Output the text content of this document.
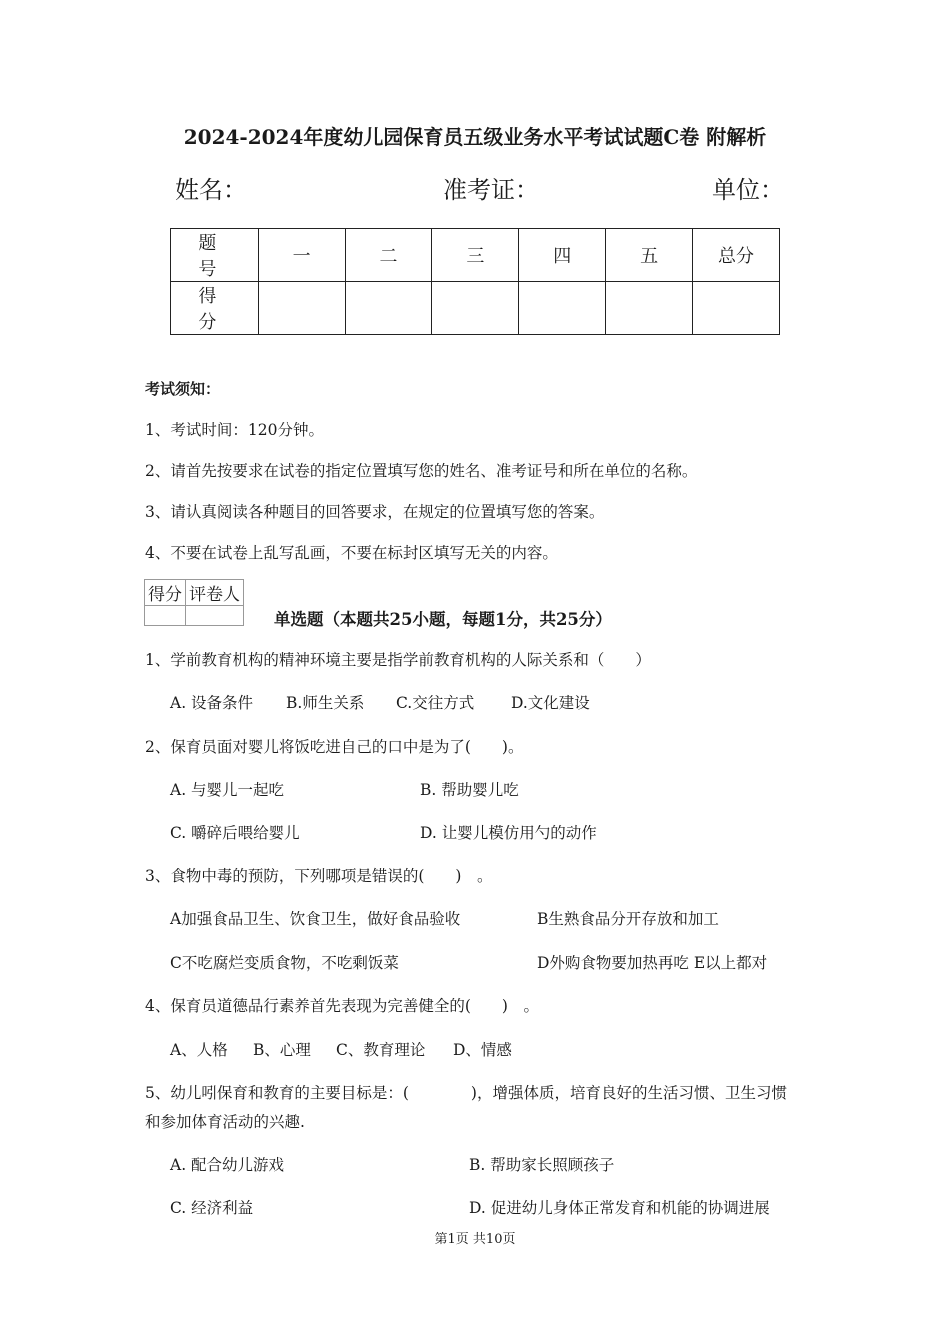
2024-2024年度幼儿园保育员五级业务水平考试试题C卷 附解析
姓名：	准考证：	单位：
题　号	一	二	三	四	五	总分
得　分						
考试须知：
1、考试时间：120分钟。
2、请首先按要求在试卷的指定位置填写您的姓名、准考证号和所在单位的名称。
3、请认真阅读各种题目的回答要求，在规定的位置填写您的答案。
4、不要在试卷上乱写乱画，不要在标封区填写无关的内容。
得分	评卷人

单选题（本题共25小题，每题1分，共25分）
1、学前教育机构的精神环境主要是指学前教育机构的人际关系和（　　）
A. 设备条件 B.师生关系 C.交往方式 D.文化建设
2、保育员面对婴儿将饭吃进自己的口中是为了(　　)。
A. 与婴儿一起吃	B. 帮助婴儿吃
C. 嚼碎后喂给婴儿	D. 让婴儿模仿用勺的动作
3、食物中毒的预防，下列哪项是错误的(　　)　。
A加强食品卫生、饮食卫生，做好食品验收	B生熟食品分开存放和加工
C不吃腐烂变质食物，不吃剩饭菜	D外购食物要加热再吃 E以上都对
4、保育员道德品行素养首先表现为完善健全的(　　)　。
A、人格 B、心理 C、教育理论 D、情感
5、幼儿吲保育和教育的主要目标是：(　　　　)，增强体质，培育良好的生活习惯、卫生习惯
和参加体育活动的兴趣.
A. 配合幼儿游戏	B. 帮助家长照顾孩子
C. 经济利益	D. 促进幼儿身体正常发育和机能的协调进展
第1页 共10页
